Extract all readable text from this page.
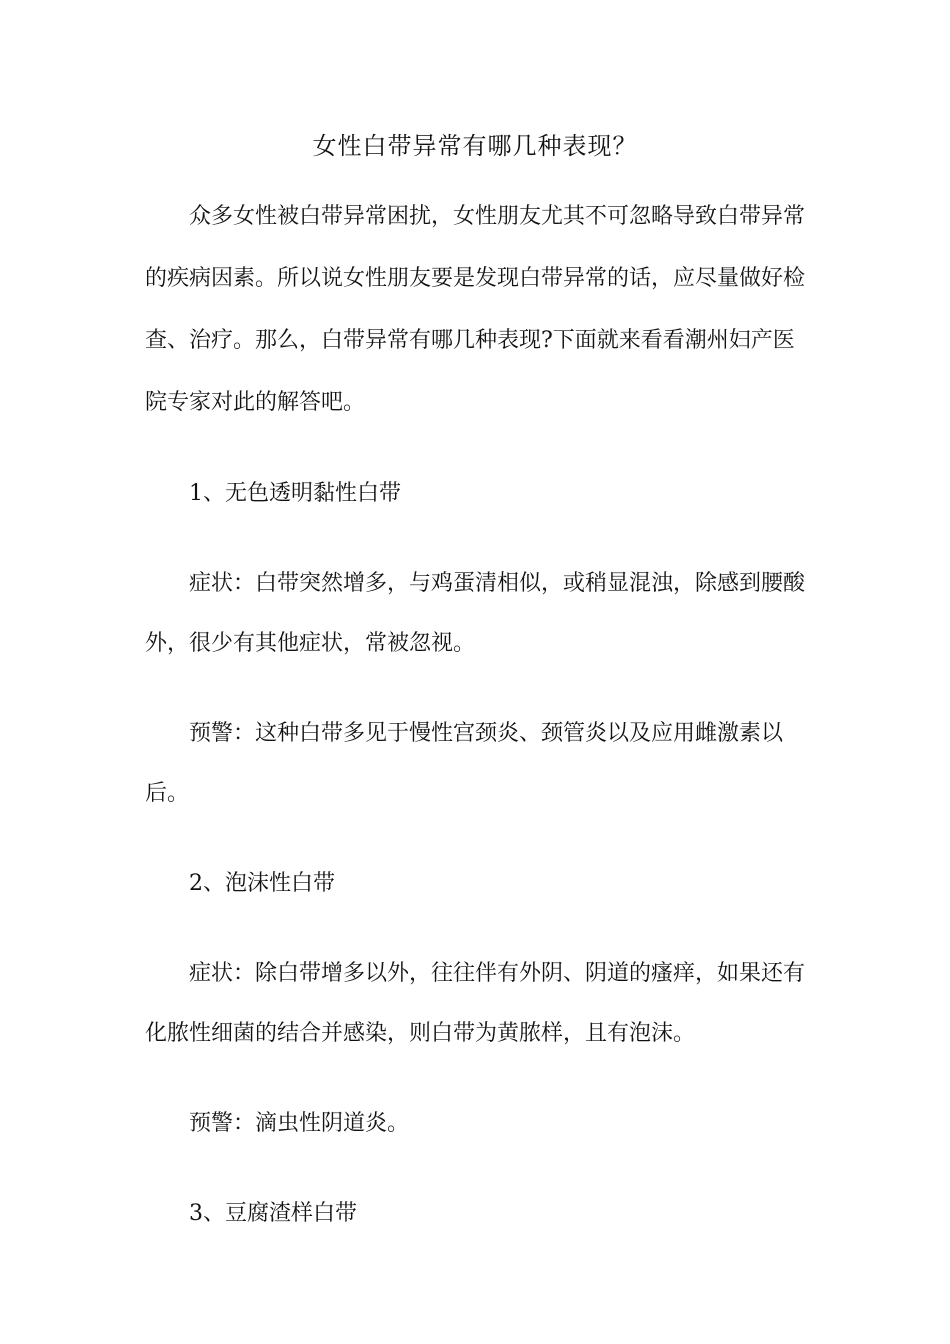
女性白带异常有哪几种表现？

众多女性被白带异常困扰，女性朋友尤其不可忽略导致白带异常的疾病因素。所以说女性朋友要是发现白带异常的话，应尽量做好检查、治疗。那么，白带异常有哪几种表现?下面就来看看潮州妇产医院专家对此的解答吧。

1、无色透明黏性白带

症状：白带突然增多，与鸡蛋清相似，或稍显混浊，除感到腰酸外，很少有其他症状，常被忽视。

预警：这种白带多见于慢性宫颈炎、颈管炎以及应用雌激素以后。

2、泡沫性白带

症状：除白带增多以外，往往伴有外阴、阴道的瘙痒，如果还有化脓性细菌的结合并感染，则白带为黄脓样，且有泡沫。

预警：滴虫性阴道炎。

3、豆腐渣样白带
